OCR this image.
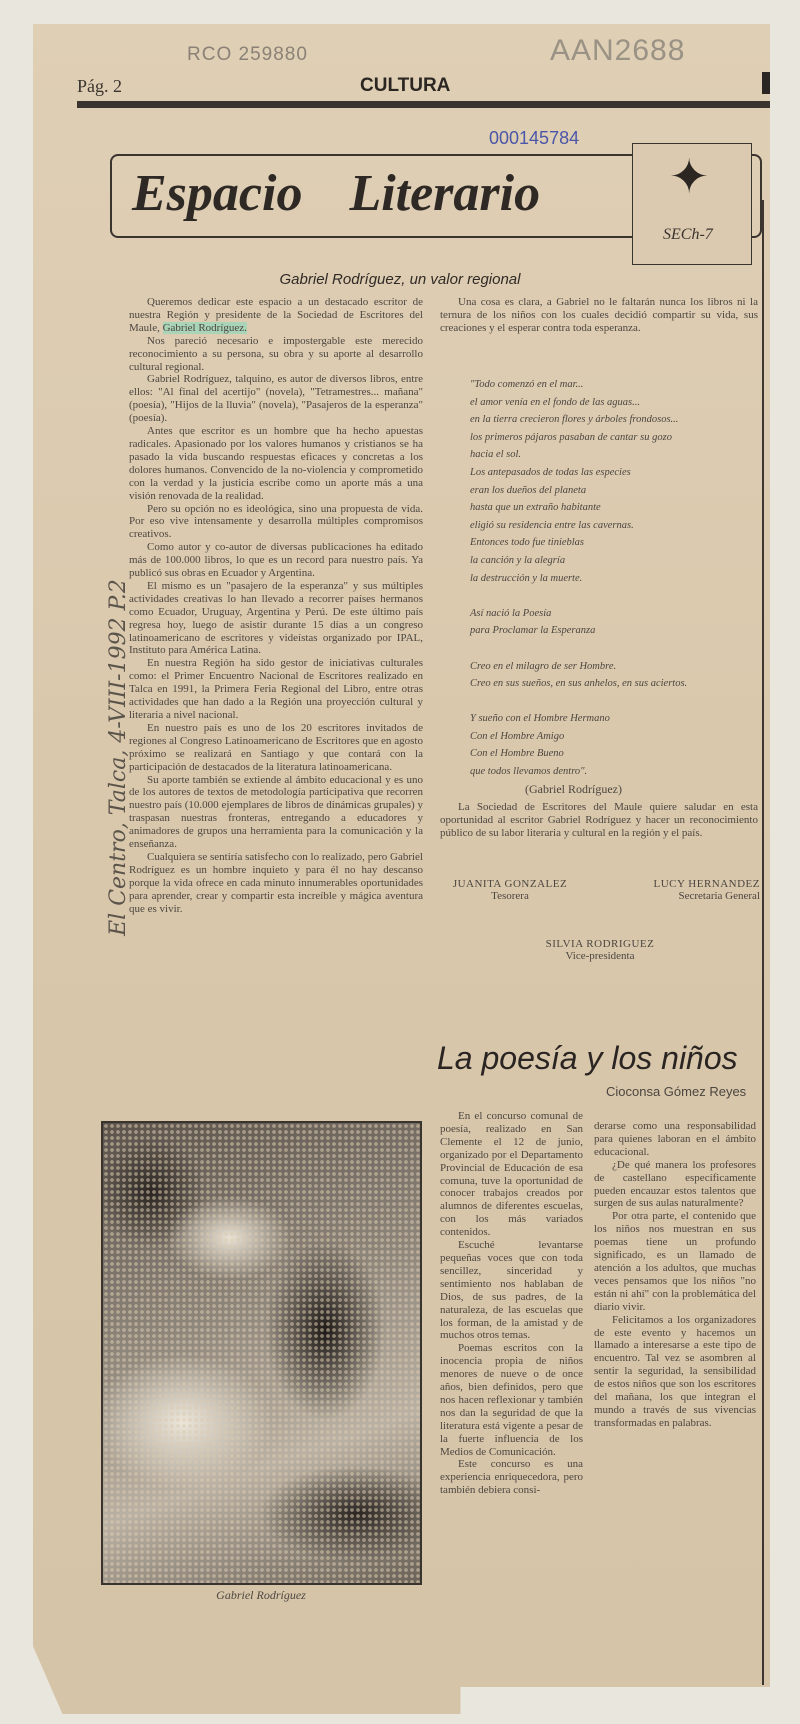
RCO 259880	AAN2688
Pág. 2	CULTURA
000145784
Espacio Literario	✦
SECh-7
Gabriel Rodríguez, un valor regional

Queremos dedicar este espacio a un destacado escritor de nuestra Región y presidente de la Sociedad de Escritores del Maule, Gabriel Rodríguez.

Nos pareció necesario e impostergable este merecido reconocimiento a su persona, su obra y su aporte al desarrollo cultural regional.

Gabriel Rodríguez, talquino, es autor de diversos libros, entre ellos: "Al final del acertijo" (novela), "Tetramestres... mañana" (poesía), "Hijos de la lluvia" (novela), "Pasajeros de la esperanza" (poesía).

Antes que escritor es un hombre que ha hecho apuestas radicales. Apasionado por los valores humanos y cristianos se ha pasado la vida buscando respuestas eficaces y concretas a los dolores humanos. Convencido de la no-violencia y comprometido con la verdad y la justicia escribe como un aporte más a una visión renovada de la realidad.

Pero su opción no es ideológica, sino una propuesta de vida. Por eso vive intensamente y desarrolla múltiples compromisos creativos.

Como autor y co-autor de diversas publicaciones ha editado más de 100.000 libros, lo que es un record para nuestro país. Ya publicó sus obras en Ecuador y Argentina.

El mismo es un "pasajero de la esperanza" y sus múltiples actividades creativas lo han llevado a recorrer países hermanos como Ecuador, Uruguay, Argentina y Perú. De este último país regresa hoy, luego de asistir durante 15 días a un congreso latinoamericano de escritores y videístas organizado por IPAL, Instituto para América Latina.

En nuestra Región ha sido gestor de iniciativas culturales como: el Primer Encuentro Nacional de Escritores realizado en Talca en 1991, la Primera Feria Regional del Libro, entre otras actividades que han dado a la Región una proyección cultural y literaria a nivel nacional.

En nuestro país es uno de los 20 escritores invitados de regiones al Congreso Latinoamericano de Escritores que en agosto próximo se realizará en Santiago y que contará con la participación de destacados de la literatura latinoamericana.

Su aporte también se extiende al ámbito educacional y es uno de los autores de textos de metodología participativa que recorren nuestro país (10.000 ejemplares de libros de dinámicas grupales) y traspasan nuestras fronteras, entregando a educadores y animadores de grupos una herramienta para la comunicación y la enseñanza.

Cualquiera se sentiría satisfecho con lo realizado, pero Gabriel Rodríguez es un hombre inquieto y para él no hay descanso porque la vida ofrece en cada minuto innumerables oportunidades para aprender, crear y compartir esta increíble y mágica aventura que es vivir.

Una cosa es clara, a Gabriel no le faltarán nunca los libros ni la ternura de los niños con los cuales decidió compartir su vida, sus creaciones y el esperar contra toda esperanza.

"Todo comenzó en el mar...
el amor venía en el fondo de las aguas...
en la tierra crecieron flores y árboles frondosos...
los primeros pájaros pasaban de cantar su gozo
hacia el sol.
Los antepasados de todas las especies
eran los dueños del planeta
hasta que un extraño habitante
eligió su residencia entre las cavernas.
Entonces todo fue tinieblas
la canción y la alegría
la destrucción y la muerte.
Así nació la Poesía
para Proclamar la Esperanza
Creo en el milagro de ser Hombre.
Creo en sus sueños, en sus anhelos, en sus aciertos.
Y sueño con el Hombre Hermano
Con el Hombre Amigo
Con el Hombre Bueno
que todos llevamos dentro".
(Gabriel Rodríguez)

La Sociedad de Escritores del Maule quiere saludar en esta oportunidad al escritor Gabriel Rodríguez y hacer un reconocimiento público de su labor literaria y cultural en la región y el país.

JUANITA GONZALEZ
Tesorera
LUCY HERNANDEZ
Secretaria General
SILVIA RODRIGUEZ
Vice-presidenta
La poesía y los niños
Cioconsa Gómez Reyes

En el concurso comunal de poesía, realizado en San Clemente el 12 de junio, organizado por el Departamento Provincial de Educación de esa comuna, tuve la oportunidad de conocer trabajos creados por alumnos de diferentes escuelas, con los más variados contenidos.

Escuché levantarse pequeñas voces que con toda sencillez, sinceridad y sentimiento nos hablaban de Dios, de sus padres, de la naturaleza, de las escuelas que los forman, de la amistad y de muchos otros temas.

Poemas escritos con la inocencia propia de niños menores de nueve o de once años, bien definidos, pero que nos hacen reflexionar y también nos dan la seguridad de que la literatura está vigente a pesar de la fuerte influencia de los Medios de Comunicación.

Este concurso es una experiencia enriquecedora, pero también debiera consi-

derarse como una responsabilidad para quienes laboran en el ámbito educacional.

¿De qué manera los profesores de castellano específicamente pueden encauzar estos talentos que surgen de sus aulas naturalmente?

Por otra parte, el contenido que los niños nos muestran en sus poemas tiene un profundo significado, es un llamado de atención a los adultos, que muchas veces pensamos que los niños "no están ni ahí" con la problemática del diario vivir.

Felicitamos a los organizadores de este evento y hacemos un llamado a interesarse a este tipo de encuentro. Tal vez se asombren al sentir la seguridad, la sensibilidad de estos niños que son los escritores del mañana, los que integran el mundo a través de sus vivencias transformadas en palabras.

Gabriel Rodríguez
El Centro, Talca, 4-VIII-1992 P.2
